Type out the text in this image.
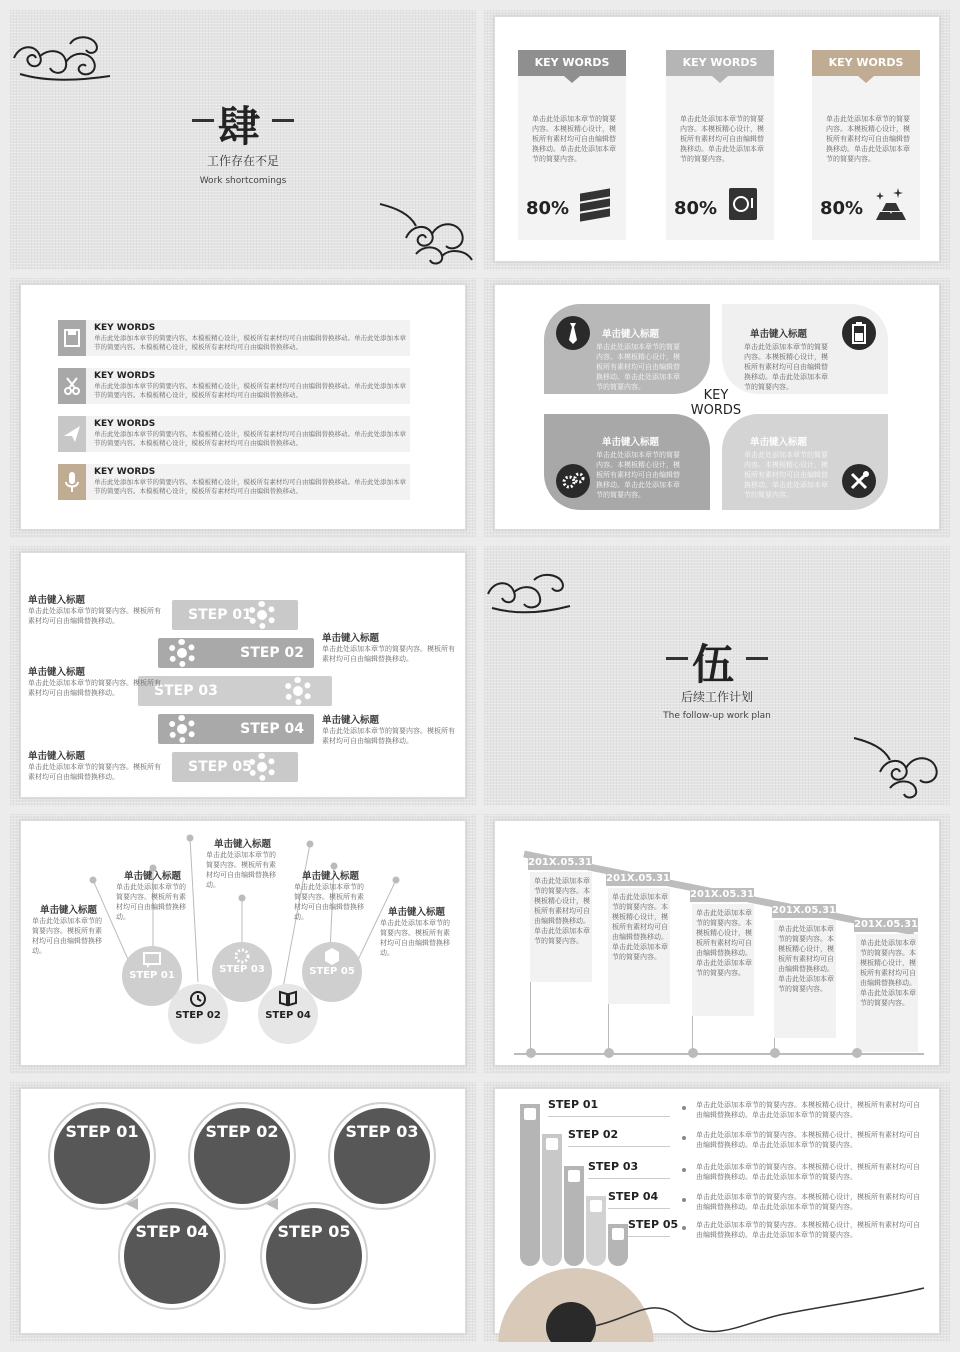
肆
工作存在不足
Work shortcomings
KEY WORDS
单击此处添加本章节的简要内容。本模板精心设计，模板所有素材均可自由编辑替换移动。单击此处添加本章节的简要内容。
80%
KEY WORDS
单击此处添加本章节的简要内容。本模板精心设计，模板所有素材均可自由编辑替换移动。单击此处添加本章节的简要内容。
80%
KEY WORDS
单击此处添加本章节的简要内容。本模板精心设计，模板所有素材均可自由编辑替换移动。单击此处添加本章节的简要内容。
80%
KEY WORDS
单击此处添加本章节的简要内容。本模板精心设计，模板所有素材均可自由编辑替换移动。单击此处添加本章节的简要内容。本模板精心设计，模板所有素材均可自由编辑替换移动。
KEY WORDS
单击此处添加本章节的简要内容。本模板精心设计，模板所有素材均可自由编辑替换移动。单击此处添加本章节的简要内容。本模板精心设计，模板所有素材均可自由编辑替换移动。
KEY WORDS
单击此处添加本章节的简要内容。本模板精心设计，模板所有素材均可自由编辑替换移动。单击此处添加本章节的简要内容。本模板精心设计，模板所有素材均可自由编辑替换移动。
KEY WORDS
单击此处添加本章节的简要内容。本模板精心设计，模板所有素材均可自由编辑替换移动。单击此处添加本章节的简要内容。本模板精心设计，模板所有素材均可自由编辑替换移动。
KEY
WORDS
单击键入标题
单击此处添加本章节的简要内容。本模板精心设计，模板所有素材均可自由编辑替换移动。单击此处添加本章节的简要内容。
单击键入标题
单击此处添加本章节的简要内容。本模板精心设计，模板所有素材均可自由编辑替换移动。单击此处添加本章节的简要内容。
单击键入标题
单击此处添加本章节的简要内容。本模板精心设计，模板所有素材均可自由编辑替换移动。单击此处添加本章节的简要内容。
单击键入标题
单击此处添加本章节的简要内容。本模板精心设计，模板所有素材均可自由编辑替换移动。单击此处添加本章节的简要内容。
STEP 01
STEP 02
STEP 03
STEP 04
STEP 05
单击键入标题
单击此处添加本章节的简要内容。模板所有素材均可自由编辑替换移动。
单击键入标题
单击此处添加本章节的简要内容。模板所有素材均可自由编辑替换移动。
单击键入标题
单击此处添加本章节的简要内容。模板所有素材均可自由编辑替换移动。
单击键入标题
单击此处添加本章节的简要内容。模板所有素材均可自由编辑替换移动。
单击键入标题
单击此处添加本章节的简要内容。模板所有素材均可自由编辑替换移动。
伍
后续工作计划
The follow-up work plan
STEP 01
STEP 02
STEP 03
STEP 04
STEP 05
单击键入标题
单击此处添加本章节的简要内容。模板所有素材均可自由编辑替换移动。
单击键入标题
单击此处添加本章节的简要内容。模板所有素材均可自由编辑替换移动。
单击键入标题
单击此处添加本章节的简要内容。模板所有素材均可自由编辑替换移动。
单击键入标题
单击此处添加本章节的简要内容。模板所有素材均可自由编辑替换移动。	单击键入标题
单击此处添加本章节的简要内容。模板所有素材均可自由编辑替换移动。
201X.05.31
单击此处添加本章节的简要内容。本模板精心设计，模板所有素材均可自由编辑替换移动。单击此处添加本章节的简要内容。
201X.05.31
单击此处添加本章节的简要内容。本模板精心设计，模板所有素材均可自由编辑替换移动。单击此处添加本章节的简要内容。
201X.05.31
单击此处添加本章节的简要内容。本模板精心设计，模板所有素材均可自由编辑替换移动。单击此处添加本章节的简要内容。
201X.05.31
单击此处添加本章节的简要内容。本模板精心设计，模板所有素材均可自由编辑替换移动。单击此处添加本章节的简要内容。
201X.05.31
单击此处添加本章节的简要内容。本模板精心设计，模板所有素材均可自由编辑替换移动。单击此处添加本章节的简要内容。
STEP 01	STEP 02	STEP 03
STEP 04	STEP 05
STEP 01	单击此处添加本章节的简要内容。本模板精心设计，模板所有素材均可自由编辑替换移动。单击此处添加本章节的简要内容。
STEP 02	单击此处添加本章节的简要内容。本模板精心设计，模板所有素材均可自由编辑替换移动。单击此处添加本章节的简要内容。
STEP 03	单击此处添加本章节的简要内容。本模板精心设计，模板所有素材均可自由编辑替换移动。单击此处添加本章节的简要内容。
STEP 04	单击此处添加本章节的简要内容。本模板精心设计，模板所有素材均可自由编辑替换移动。单击此处添加本章节的简要内容。
STEP 05	单击此处添加本章节的简要内容。本模板精心设计，模板所有素材均可自由编辑替换移动。单击此处添加本章节的简要内容。
